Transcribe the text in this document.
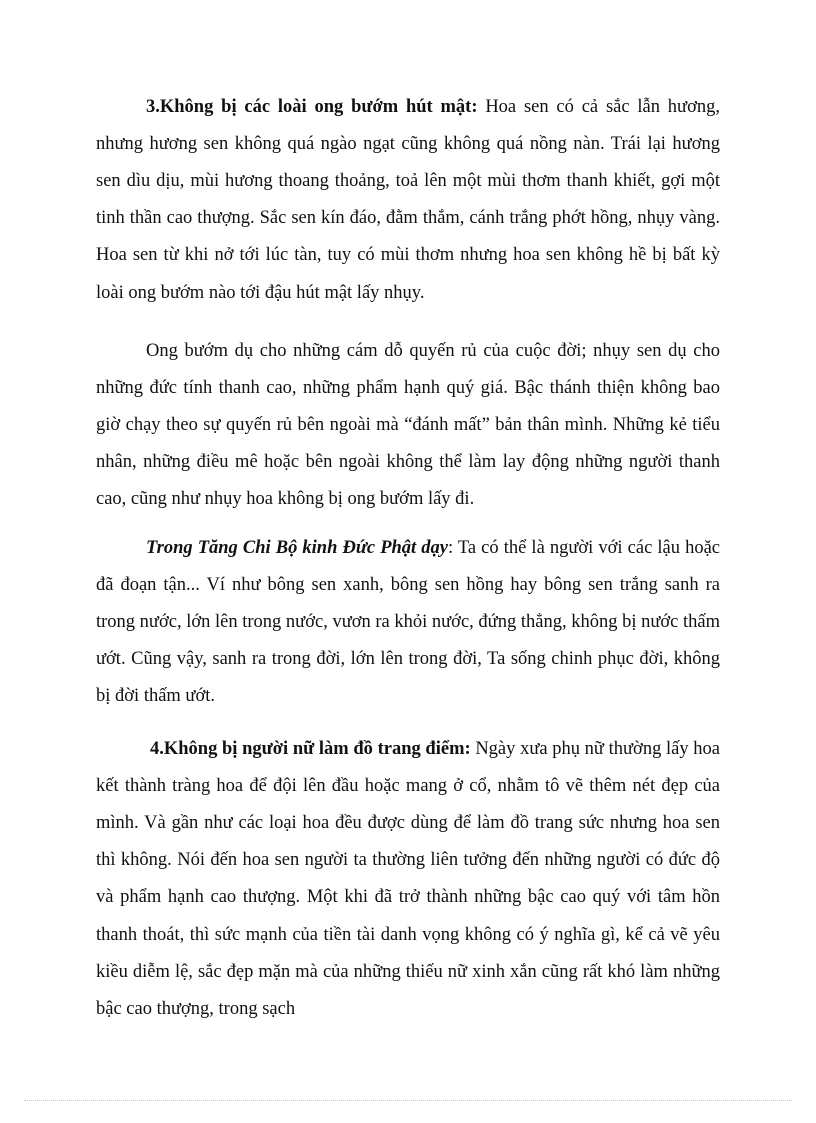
3.Không bị các loài ong bướm hút mật: Hoa sen có cả sắc lẫn hương, nhưng hương sen không quá ngào ngạt cũng không quá nồng nàn. Trái lại hương sen dìu dịu, mùi hương thoang thoảng, toả lên một mùi thơm thanh khiết, gợi một tinh thần cao thượng. Sắc sen kín đáo, đằm thắm, cánh trắng phớt hồng, nhụy vàng. Hoa sen từ khi nở tới lúc tàn, tuy có mùi thơm nhưng hoa sen không hề bị bất kỳ loài ong bướm nào tới đậu hút mật lấy nhụy.

Ong bướm dụ cho những cám dỗ quyến rủ của cuộc đời; nhụy sen dụ cho những đức tính thanh cao, những phẩm hạnh quý giá. Bậc thánh thiện không bao giờ chạy theo sự quyến rủ bên ngoài mà “đánh mất” bản thân mình. Những kẻ tiểu nhân, những điều mê hoặc bên ngoài không thể làm lay động những người thanh cao, cũng như nhụy hoa không bị ong bướm lấy đi.

Trong Tăng Chi Bộ kinh Đức Phật dạy: Ta có thể là người với các lậu hoặc đã đoạn tận... Ví như bông sen xanh, bông sen hồng hay bông sen trắng sanh ra trong nước, lớn lên trong nước, vươn ra khỏi nước, đứng thẳng, không bị nước thấm ướt. Cũng vậy, sanh ra trong đời, lớn lên trong đời, Ta sống chinh phục đời, không bị đời thấm ướt.

4.Không bị người nữ làm đồ trang điểm: Ngày xưa phụ nữ thường lấy hoa kết thành tràng hoa để đội lên đầu hoặc mang ở cổ, nhằm tô vẽ thêm nét đẹp của mình. Và gần như các loại hoa đều được dùng để làm đồ trang sức nhưng hoa sen thì không. Nói đến hoa sen người ta thường liên tưởng đến những người có đức độ và phẩm hạnh cao thượng. Một khi đã trở thành những bậc cao quý với tâm hồn thanh thoát, thì sức mạnh của tiền tài danh vọng không có ý nghĩa gì, kể cả vẽ yêu kiều diễm lệ, sắc đẹp mặn mà của những thiếu nữ xinh xắn cũng rất khó làm những bậc cao thượng, trong sạch
